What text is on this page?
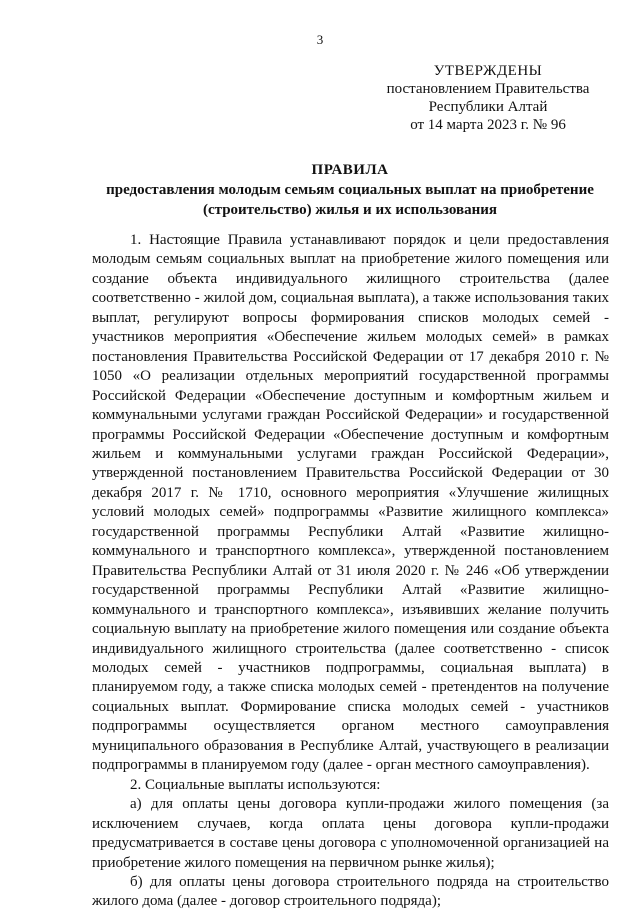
3
УТВЕРЖДЕНЫ
постановлением Правительства
Республики Алтай
от 14 марта 2023 г. № 96
ПРАВИЛА
предоставления молодым семьям социальных выплат на приобретение
(строительство) жилья и их использования

1. Настоящие Правила устанавливают порядок и цели предоставления молодым семьям социальных выплат на приобретение жилого помещения или создание объекта индивидуального жилищного строительства (далее соответственно - жилой дом, социальная выплата), а также использования таких выплат, регулируют вопросы формирования списков молодых семей - участников мероприятия «Обеспечение жильем молодых семей» в рамках постановления Правительства Российской Федерации от 17 декабря 2010 г. № 1050 «О реализации отдельных мероприятий государственной программы Российской Федерации «Обеспечение доступным и комфортным жильем и коммунальными услугами граждан Российской Федерации» и государственной программы Российской Федерации «Обеспечение доступным и комфортным жильем и коммунальными услугами граждан Российской Федерации», утвержденной постановлением Правительства Российской Федерации от 30 декабря 2017 г. № 1710, основного мероприятия «Улучшение жилищных условий молодых семей» подпрограммы «Развитие жилищного комплекса» государственной программы Республики Алтай «Развитие жилищно-коммунального и транспортного комплекса», утвержденной постановлением Правительства Республики Алтай от 31 июля 2020 г. № 246 «Об утверждении государственной программы Республики Алтай «Развитие жилищно-коммунального и транспортного комплекса», изъявивших желание получить социальную выплату на приобретение жилого помещения или создание объекта индивидуального жилищного строительства (далее соответственно - список молодых семей - участников подпрограммы, социальная выплата) в планируемом году, а также списка молодых семей - претендентов на получение социальных выплат. Формирование списка молодых семей - участников подпрограммы осуществляется органом местного самоуправления муниципального образования в Республике Алтай, участвующего в реализации подпрограммы в планируемом году (далее - орган местного самоуправления).

2. Социальные выплаты используются:

а) для оплаты цены договора купли-продажи жилого помещения (за исключением случаев, когда оплата цены договора купли-продажи предусматривается в составе цены договора с уполномоченной организацией на приобретение жилого помещения на первичном рынке жилья);

б) для оплаты цены договора строительного подряда на строительство жилого дома (далее - договор строительного подряда);
